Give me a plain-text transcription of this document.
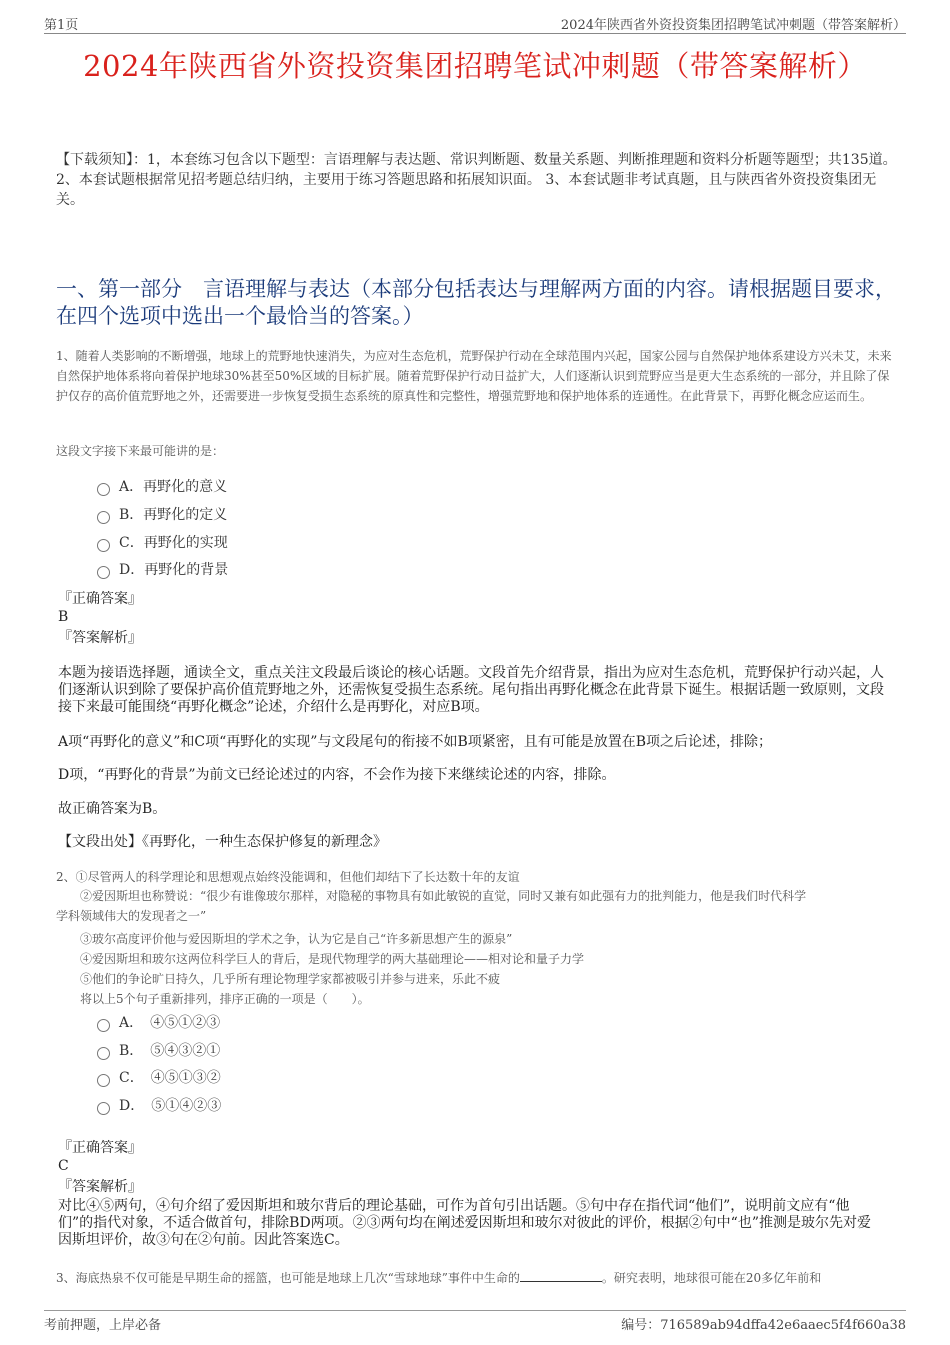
第1页	2024年陕西省外资投资集团招聘笔试冲刺题（带答案解析）
2024年陕西省外资投资集团招聘笔试冲刺题（带答案解析）
【下载须知】：1，本套练习包含以下题型：言语理解与表达题、常识判断题、数量关系题、判断推理题和资料分析题等题型；共135道。 2、本套试题根据常见招考题总结归纳，主要用于练习答题思路和拓展知识面。 3、本套试题非考试真题，且与陕西省外资投资集团无关。
一、第一部分　言语理解与表达（本部分包括表达与理解两方面的内容。请根据题目要求，在四个选项中选出一个最恰当的答案。）
1、随着人类影响的不断增强，地球上的荒野地快速消失，为应对生态危机，荒野保护行动在全球范围内兴起，国家公园与自然保护地体系建设方兴未艾，未来自然保护地体系将向着保护地球30%甚至50%区域的目标扩展。随着荒野保护行动日益扩大，人们逐渐认识到荒野应当是更大生态系统的一部分，并且除了保护仅存的高价值荒野地之外，还需要进一步恢复受损生态系统的原真性和完整性，增强荒野地和保护地体系的连通性。在此背景下，再野化概念应运而生。
这段文字接下来最可能讲的是：
A．再野化的意义
B．再野化的定义
C．再野化的实现
D．再野化的背景
『正确答案』
B
『答案解析』
本题为接语选择题，通读全文，重点关注文段最后谈论的核心话题。文段首先介绍背景，指出为应对生态危机，荒野保护行动兴起，人们逐渐认识到除了要保护高价值荒野地之外，还需恢复受损生态系统。尾句指出再野化概念在此背景下诞生。根据话题一致原则，文段接下来最可能围绕“再野化概念”论述，介绍什么是再野化，对应B项。
A项“再野化的意义”和C项“再野化的实现”与文段尾句的衔接不如B项紧密，且有可能是放置在B项之后论述，排除；
D项，“再野化的背景”为前文已经论述过的内容，不会作为接下来继续论述的内容，排除。
故正确答案为B。
【文段出处】《再野化，一种生态保护修复的新理念》
2、①尽管两人的科学理论和思想观点始终没能调和，但他们却结下了长达数十年的友谊
②爱因斯坦也称赞说：“很少有谁像玻尔那样，对隐秘的事物具有如此敏锐的直觉，同时又兼有如此强有力的批判能力，他是我们时代科学
学科领域伟大的发现者之一”
③玻尔高度评价他与爱因斯坦的学术之争，认为它是自己“许多新思想产生的源泉”
④爱因斯坦和玻尔这两位科学巨人的背后，是现代物理学的两大基础理论——相对论和量子力学
⑤他们的争论旷日持久，几乎所有理论物理学家都被吸引并参与进来，乐此不疲
将以上5个句子重新排列，排序正确的一项是（　　）。
A．　④⑤①②③
B．　⑤④③②①
C．　④⑤①③②
D．　⑤①④②③
『正确答案』
C
『答案解析』
对比④⑤两句，④句介绍了爱因斯坦和玻尔背后的理论基础，可作为首句引出话题。⑤句中存在指代词“他们”，说明前文应有“他们”的指代对象，不适合做首句，排除BD两项。②③两句均在阐述爱因斯坦和玻尔对彼此的评价，根据②句中“也”推测是玻尔先对爱因斯坦评价，故③句在②句前。因此答案选C。
3、海底热泉不仅可能是早期生命的摇篮，也可能是地球上几次“雪球地球”事件中生命的	。研究表明，地球很可能在20多亿年前和
考前押题，上岸必备	编号：716589ab94dffa42e6aaec5f4f660a38
